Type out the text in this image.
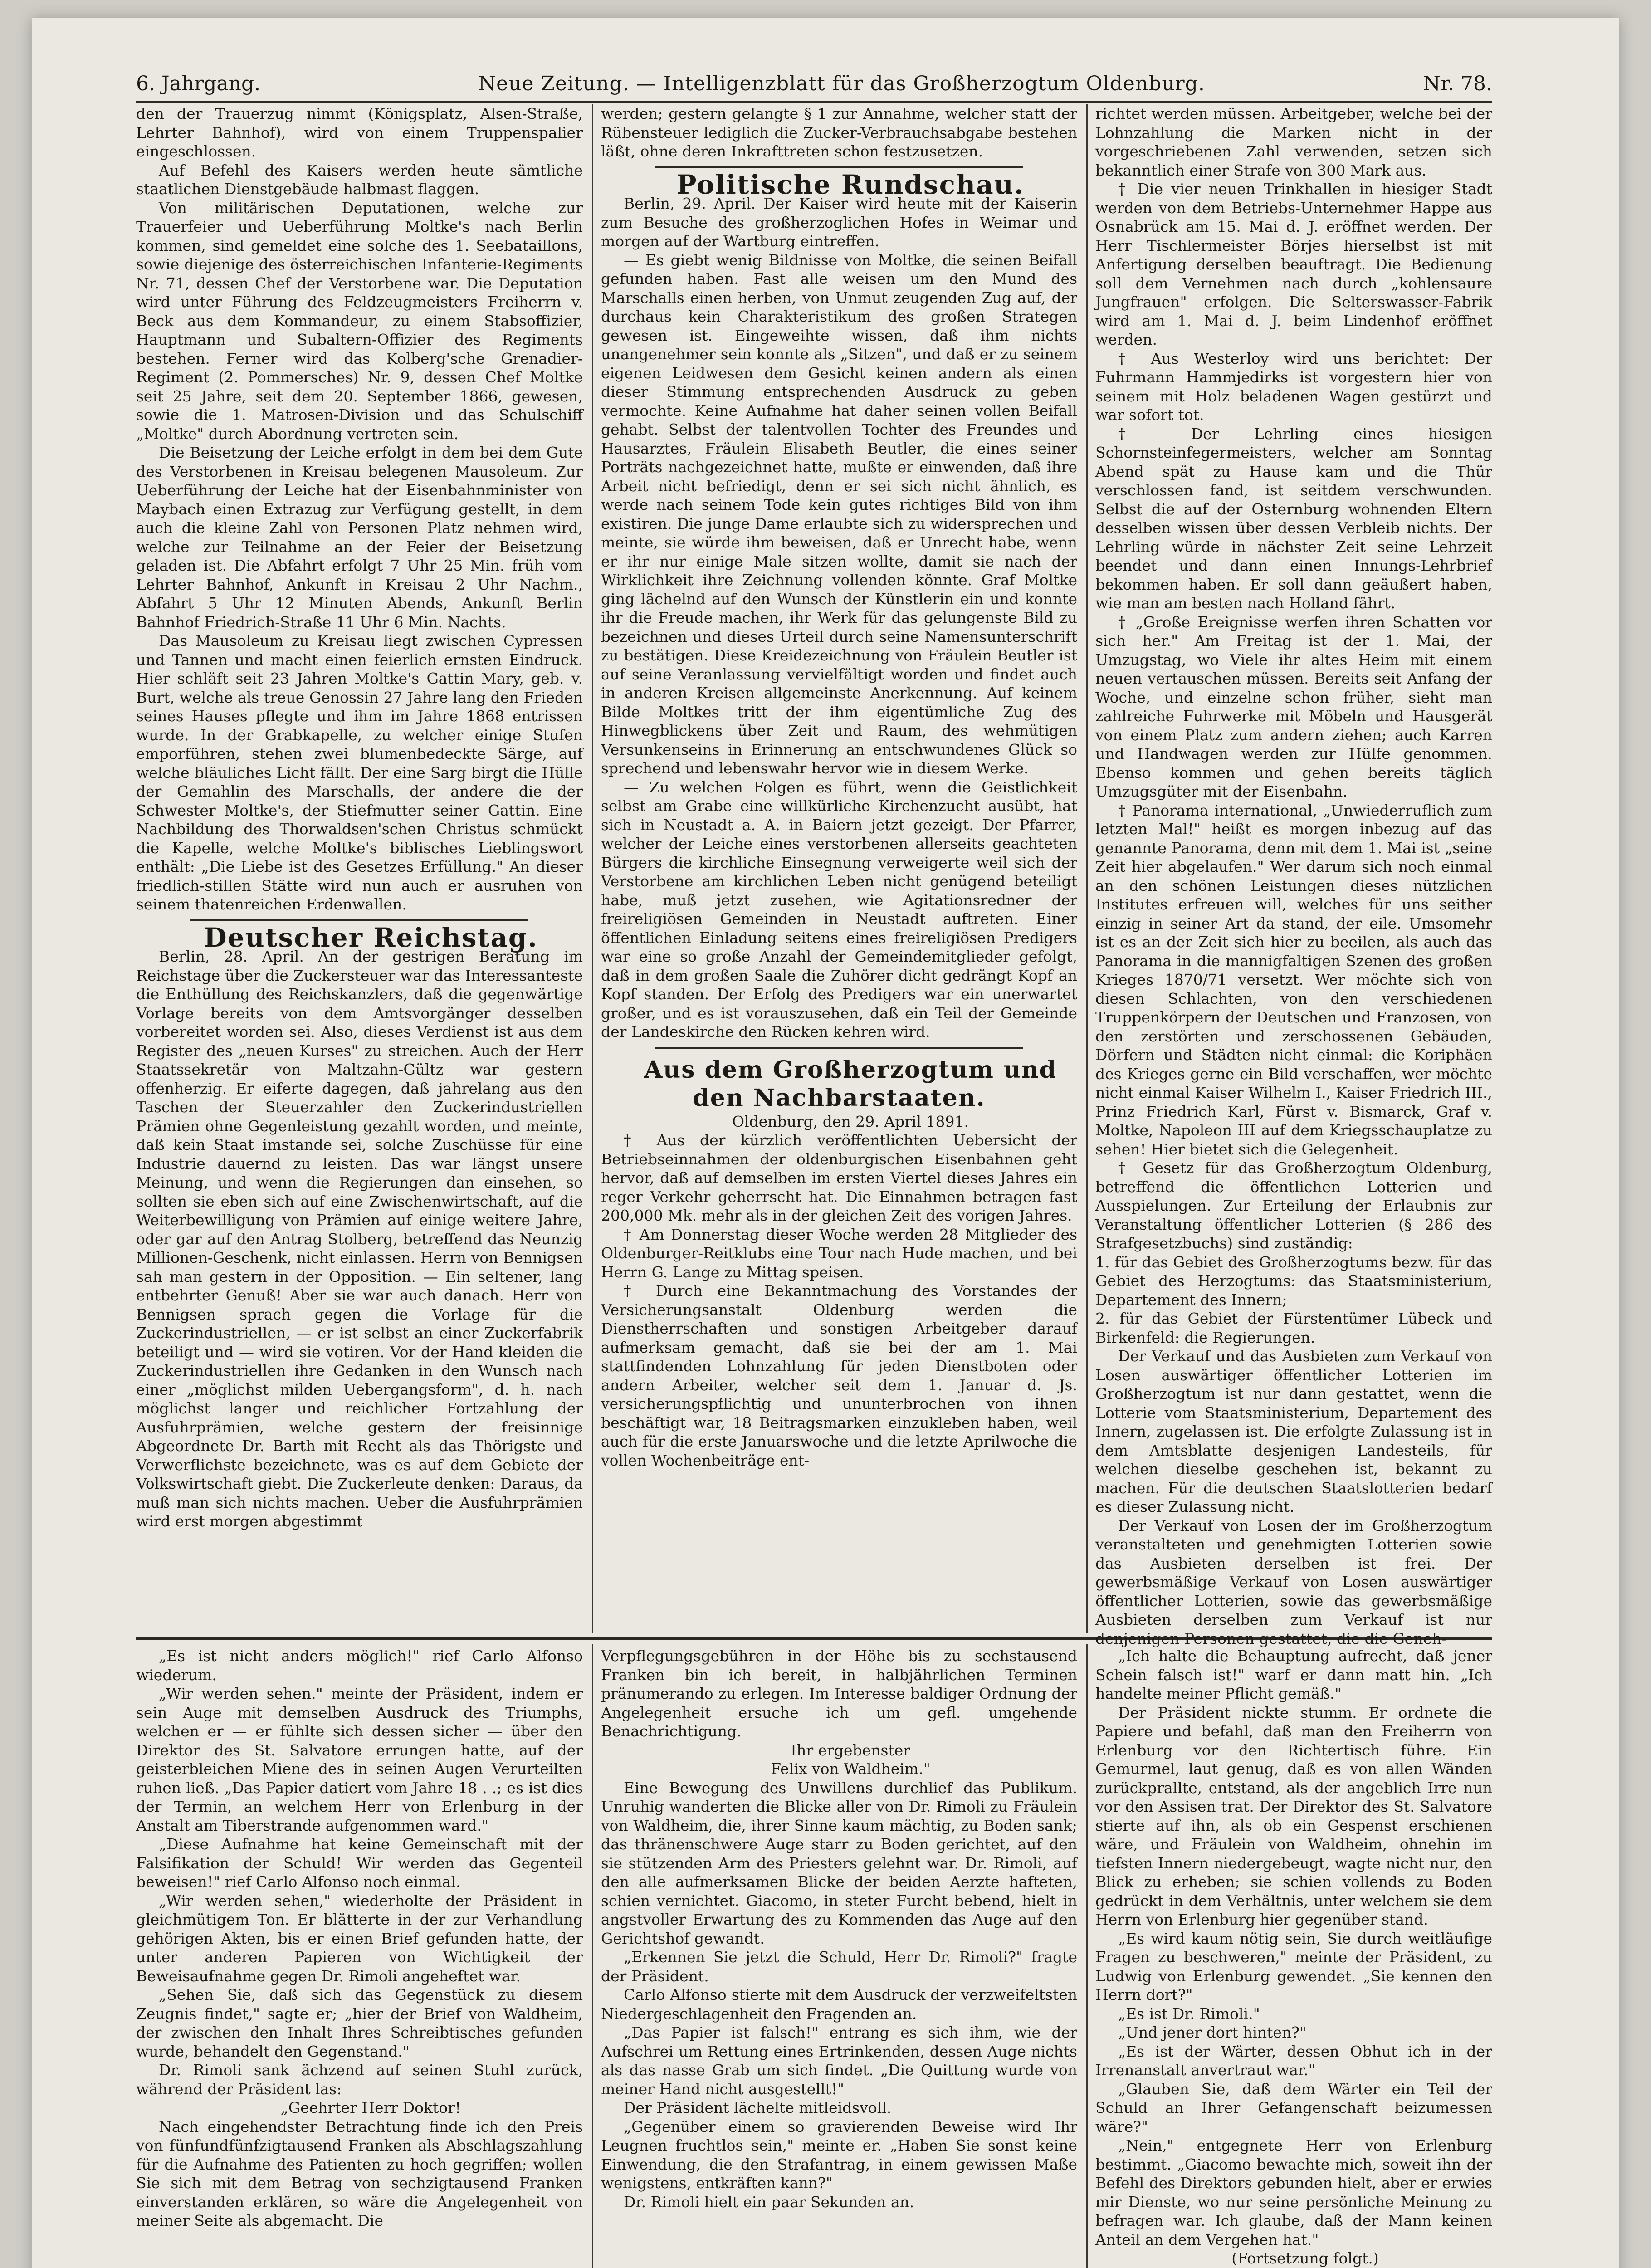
6. Jahrgang.	Neue Zeitung. — Intelligenzblatt für das Großherzogtum Oldenburg.	Nr. 78.

den der Trauerzug nimmt (Königsplatz, Alsen-Straße, Lehrter Bahnhof), wird von einem Truppenspalier eingeschlossen.

Auf Befehl des Kaisers werden heute sämtliche staatlichen Dienstgebäude halbmast flaggen.

Von militärischen Deputationen, welche zur Trauerfeier und Ueberführung Moltke's nach Berlin kommen, sind gemeldet eine solche des 1. Seebataillons, sowie diejenige des österreichischen Infanterie-Regiments Nr. 71, dessen Chef der Verstorbene war. Die Deputation wird unter Führung des Feldzeugmeisters Freiherrn v. Beck aus dem Kommandeur, zu einem Stabsoffizier, Hauptmann und Subaltern-Offizier des Regiments bestehen. Ferner wird das Kolberg'sche Grenadier-Regiment (2. Pommersches) Nr. 9, dessen Chef Moltke seit 25 Jahre, seit dem 20. September 1866, gewesen, sowie die 1. Matrosen-Division und das Schulschiff „Moltke" durch Abordnung vertreten sein.

Die Beisetzung der Leiche erfolgt in dem bei dem Gute des Verstorbenen in Kreisau belegenen Mausoleum. Zur Ueberführung der Leiche hat der Eisenbahnminister von Maybach einen Extrazug zur Verfügung gestellt, in dem auch die kleine Zahl von Personen Platz nehmen wird, welche zur Teilnahme an der Feier der Beisetzung geladen ist. Die Abfahrt erfolgt 7 Uhr 25 Min. früh vom Lehrter Bahnhof, Ankunft in Kreisau 2 Uhr Nachm., Abfahrt 5 Uhr 12 Minuten Abends, Ankunft Berlin Bahnhof Friedrich-Straße 11 Uhr 6 Min. Nachts.

Das Mausoleum zu Kreisau liegt zwischen Cypressen und Tannen und macht einen feierlich ernsten Eindruck. Hier schläft seit 23 Jahren Moltke's Gattin Mary, geb. v. Burt, welche als treue Genossin 27 Jahre lang den Frieden seines Hauses pflegte und ihm im Jahre 1868 entrissen wurde. In der Grabkapelle, zu welcher einige Stufen emporführen, stehen zwei blumenbedeckte Särge, auf welche bläuliches Licht fällt. Der eine Sarg birgt die Hülle der Gemahlin des Marschalls, der andere die der Schwester Moltke's, der Stiefmutter seiner Gattin. Eine Nachbildung des Thorwaldsen'schen Christus schmückt die Kapelle, welche Moltke's biblisches Lieblingswort enthält: „Die Liebe ist des Gesetzes Erfüllung." An dieser friedlich-stillen Stätte wird nun auch er ausruhen von seinem thatenreichen Erdenwallen.

Deutscher Reichstag.

Berlin, 28. April. An der gestrigen Beratung im Reichstage über die Zuckersteuer war das Interessanteste die Enthüllung des Reichskanzlers, daß die gegenwärtige Vorlage bereits von dem Amtsvorgänger desselben vorbereitet worden sei. Also, dieses Verdienst ist aus dem Register des „neuen Kurses" zu streichen. Auch der Herr Staatssekretär von Maltzahn-Gültz war gestern offenherzig. Er eiferte dagegen, daß jahrelang aus den Taschen der Steuerzahler den Zuckerindustriellen Prämien ohne Gegenleistung gezahlt worden, und meinte, daß kein Staat imstande sei, solche Zuschüsse für eine Industrie dauernd zu leisten. Das war längst unsere Meinung, und wenn die Regierungen dan einsehen, so sollten sie eben sich auf eine Zwischenwirtschaft, auf die Weiterbewilligung von Prämien auf einige weitere Jahre, oder gar auf den Antrag Stolberg, betreffend das Neunzig Millionen-Geschenk, nicht einlassen. Herrn von Bennigsen sah man gestern in der Opposition. — Ein seltener, lang entbehrter Genuß! Aber sie war auch danach. Herr von Bennigsen sprach gegen die Vorlage für die Zuckerindustriellen, — er ist selbst an einer Zuckerfabrik beteiligt und — wird sie votiren. Vor der Hand kleiden die Zuckerindustriellen ihre Gedanken in den Wunsch nach einer „möglichst milden Uebergangsform", d. h. nach möglichst langer und reichlicher Fortzahlung der Ausfuhrprämien, welche gestern der freisinnige Abgeordnete Dr. Barth mit Recht als das Thörigste und Verwerflichste bezeichnete, was es auf dem Gebiete der Volkswirtschaft giebt. Die Zuckerleute denken: Daraus, da muß man sich nichts machen. Ueber die Ausfuhrprämien wird erst morgen abgestimmt

werden; gestern gelangte § 1 zur Annahme, welcher statt der Rübensteuer lediglich die Zucker-Verbrauchsabgabe bestehen läßt, ohne deren Inkrafttreten schon festzusetzen.

Politische Rundschau.

Berlin, 29. April. Der Kaiser wird heute mit der Kaiserin zum Besuche des großherzoglichen Hofes in Weimar und morgen auf der Wartburg eintreffen.

— Es giebt wenig Bildnisse von Moltke, die seinen Beifall gefunden haben. Fast alle weisen um den Mund des Marschalls einen herben, von Unmut zeugenden Zug auf, der durchaus kein Charakteristikum des großen Strategen gewesen ist. Eingeweihte wissen, daß ihm nichts unangenehmer sein konnte als „Sitzen", und daß er zu seinem eigenen Leidwesen dem Gesicht keinen andern als einen dieser Stimmung entsprechenden Ausdruck zu geben vermochte. Keine Aufnahme hat daher seinen vollen Beifall gehabt. Selbst der talentvollen Tochter des Freundes und Hausarztes, Fräulein Elisabeth Beutler, die eines seiner Porträts nachgezeichnet hatte, mußte er einwenden, daß ihre Arbeit nicht befriedigt, denn er sei sich nicht ähnlich, es werde nach seinem Tode kein gutes richtiges Bild von ihm existiren. Die junge Dame erlaubte sich zu widersprechen und meinte, sie würde ihm beweisen, daß er Unrecht habe, wenn er ihr nur einige Male sitzen wollte, damit sie nach der Wirklichkeit ihre Zeichnung vollenden könnte. Graf Moltke ging lächelnd auf den Wunsch der Künstlerin ein und konnte ihr die Freude machen, ihr Werk für das gelungenste Bild zu bezeichnen und dieses Urteil durch seine Namensunterschrift zu bestätigen. Diese Kreidezeichnung von Fräulein Beutler ist auf seine Veranlassung vervielfältigt worden und findet auch in anderen Kreisen allgemeinste Anerkennung. Auf keinem Bilde Moltkes tritt der ihm eigentümliche Zug des Hinwegblickens über Zeit und Raum, des wehmütigen Versunkenseins in Erinnerung an entschwundenes Glück so sprechend und lebenswahr hervor wie in diesem Werke.

— Zu welchen Folgen es führt, wenn die Geistlichkeit selbst am Grabe eine willkürliche Kirchenzucht ausübt, hat sich in Neustadt a. A. in Baiern jetzt gezeigt. Der Pfarrer, welcher der Leiche eines verstorbenen allerseits geachteten Bürgers die kirchliche Einsegnung verweigerte weil sich der Verstorbene am kirchlichen Leben nicht genügend beteiligt habe, muß jetzt zusehen, wie Agitationsredner der freireligiösen Gemeinden in Neustadt auftreten. Einer öffentlichen Einladung seitens eines freireligiösen Predigers war eine so große Anzahl der Gemeindemitglieder gefolgt, daß in dem großen Saale die Zuhörer dicht gedrängt Kopf an Kopf standen. Der Erfolg des Predigers war ein unerwartet großer, und es ist vorauszusehen, daß ein Teil der Gemeinde der Landeskirche den Rücken kehren wird.

Aus dem Großherzogtum und den Nachbarstaaten.

Oldenburg, den 29. April 1891.

† Aus der kürzlich veröffentlichten Uebersicht der Betriebseinnahmen der oldenburgischen Eisenbahnen geht hervor, daß auf demselben im ersten Viertel dieses Jahres ein reger Verkehr geherrscht hat. Die Einnahmen betragen fast 200,000 Mk. mehr als in der gleichen Zeit des vorigen Jahres.

† Am Donnerstag dieser Woche werden 28 Mitglieder des Oldenburger-Reitklubs eine Tour nach Hude machen, und bei Herrn G. Lange zu Mittag speisen.

† Durch eine Bekanntmachung des Vorstandes der Versicherungsanstalt Oldenburg werden die Dienstherrschaften und sonstigen Arbeitgeber darauf aufmerksam gemacht, daß sie bei der am 1. Mai stattfindenden Lohnzahlung für jeden Dienstboten oder andern Arbeiter, welcher seit dem 1. Januar d. Js. versicherungspflichtig und ununterbrochen von ihnen beschäftigt war, 18 Beitragsmarken einzukleben haben, weil auch für die erste Januarswoche und die letzte Aprilwoche die vollen Wochenbeiträge ent-

richtet werden müssen. Arbeitgeber, welche bei der Lohnzahlung die Marken nicht in der vorgeschriebenen Zahl verwenden, setzen sich bekanntlich einer Strafe von 300 Mark aus.

† Die vier neuen Trinkhallen in hiesiger Stadt werden von dem Betriebs-Unternehmer Happe aus Osnabrück am 15. Mai d. J. eröffnet werden. Der Herr Tischlermeister Börjes hierselbst ist mit Anfertigung derselben beauftragt. Die Bedienung soll dem Vernehmen nach durch „kohlensaure Jungfrauen" erfolgen. Die Selterswasser-Fabrik wird am 1. Mai d. J. beim Lindenhof eröffnet werden.

† Aus Westerloy wird uns berichtet: Der Fuhrmann Hammjedirks ist vorgestern hier von seinem mit Holz beladenen Wagen gestürzt und war sofort tot.

† Der Lehrling eines hiesigen Schornsteinfegermeisters, welcher am Sonntag Abend spät zu Hause kam und die Thür verschlossen fand, ist seitdem verschwunden. Selbst die auf der Osternburg wohnenden Eltern desselben wissen über dessen Verbleib nichts. Der Lehrling würde in nächster Zeit seine Lehrzeit beendet und dann einen Innungs-Lehrbrief bekommen haben. Er soll dann geäußert haben, wie man am besten nach Holland fährt.

† „Große Ereignisse werfen ihren Schatten vor sich her." Am Freitag ist der 1. Mai, der Umzugstag, wo Viele ihr altes Heim mit einem neuen vertauschen müssen. Bereits seit Anfang der Woche, und einzelne schon früher, sieht man zahlreiche Fuhrwerke mit Möbeln und Hausgerät von einem Platz zum andern ziehen; auch Karren und Handwagen werden zur Hülfe genommen. Ebenso kommen und gehen bereits täglich Umzugsgüter mit der Eisenbahn.

† Panorama international, „Unwiederruflich zum letzten Mal!" heißt es morgen inbezug auf das genannte Panorama, denn mit dem 1. Mai ist „seine Zeit hier abgelaufen." Wer darum sich noch einmal an den schönen Leistungen dieses nützlichen Institutes erfreuen will, welches für uns seither einzig in seiner Art da stand, der eile. Umsomehr ist es an der Zeit sich hier zu beeilen, als auch das Panorama in die mannigfaltigen Szenen des großen Krieges 1870/71 versetzt. Wer möchte sich von diesen Schlachten, von den verschiedenen Truppenkörpern der Deutschen und Franzosen, von den zerstörten und zerschossenen Gebäuden, Dörfern und Städten nicht einmal: die Koriphäen des Krieges gerne ein Bild verschaffen, wer möchte nicht einmal Kaiser Wilhelm I., Kaiser Friedrich III., Prinz Friedrich Karl, Fürst v. Bismarck, Graf v. Moltke, Napoleon III auf dem Kriegsschauplatze zu sehen! Hier bietet sich die Gelegenheit.

† Gesetz für das Großherzogtum Oldenburg, betreffend die öffentlichen Lotterien und Ausspielungen. Zur Erteilung der Erlaubnis zur Veranstaltung öffentlicher Lotterien (§ 286 des Strafgesetzbuchs) sind zuständig:

1. für das Gebiet des Großherzogtums bezw. für das Gebiet des Herzogtums: das Staatsministerium, Departement des Innern;

2. für das Gebiet der Fürstentümer Lübeck und Birkenfeld: die Regierungen.

Der Verkauf und das Ausbieten zum Verkauf von Losen auswärtiger öffentlicher Lotterien im Großherzogtum ist nur dann gestattet, wenn die Lotterie vom Staatsministerium, Departement des Innern, zugelassen ist. Die erfolgte Zulassung ist in dem Amtsblatte desjenigen Landesteils, für welchen dieselbe geschehen ist, bekannt zu machen. Für die deutschen Staatslotterien bedarf es dieser Zulassung nicht.

Der Verkauf von Losen der im Großherzogtum veranstalteten und genehmigten Lotterien sowie das Ausbieten derselben ist frei. Der gewerbsmäßige Verkauf von Losen auswärtiger öffentlicher Lotterien, sowie das gewerbsmäßige Ausbieten derselben zum Verkauf ist nur denjenigen Personen gestattet, die die Geneh-

„Es ist nicht anders möglich!" rief Carlo Alfonso wiederum.

„Wir werden sehen." meinte der Präsident, indem er sein Auge mit demselben Ausdruck des Triumphs, welchen er — er fühlte sich dessen sicher — über den Direktor des St. Salvatore errungen hatte, auf der geisterbleichen Miene des in seinen Augen Verurteilten ruhen ließ. „Das Papier datiert vom Jahre 18 . .; es ist dies der Termin, an welchem Herr von Erlenburg in der Anstalt am Tiberstrande aufgenommen ward."

„Diese Aufnahme hat keine Gemeinschaft mit der Falsifikation der Schuld! Wir werden das Gegenteil beweisen!" rief Carlo Alfonso noch einmal.

„Wir werden sehen," wiederholte der Präsident in gleichmütigem Ton. Er blätterte in der zur Verhandlung gehörigen Akten, bis er einen Brief gefunden hatte, der unter anderen Papieren von Wichtigkeit der Beweisaufnahme gegen Dr. Rimoli angeheftet war.

„Sehen Sie, daß sich das Gegenstück zu diesem Zeugnis findet," sagte er; „hier der Brief von Waldheim, der zwischen den Inhalt Ihres Schreibtisches gefunden wurde, behandelt den Gegenstand."

Dr. Rimoli sank ächzend auf seinen Stuhl zurück, während der Präsident las:

„Geehrter Herr Doktor!

Nach eingehendster Betrachtung finde ich den Preis von fünfundfünfzigtausend Franken als Abschlagszahlung für die Aufnahme des Patienten zu hoch gegriffen; wollen Sie sich mit dem Betrag von sechzigtausend Franken einverstanden erklären, so wäre die Angelegenheit von meiner Seite als abgemacht. Die

Verpflegungsgebühren in der Höhe bis zu sechstausend Franken bin ich bereit, in halbjährlichen Terminen pränumerando zu erlegen. Im Interesse baldiger Ordnung der Angelegenheit ersuche ich um gefl. umgehende Benachrichtigung.

Ihr ergebenster

Felix von Waldheim."

Eine Bewegung des Unwillens durchlief das Publikum. Unruhig wanderten die Blicke aller von Dr. Rimoli zu Fräulein von Waldheim, die, ihrer Sinne kaum mächtig, zu Boden sank; das thränenschwere Auge starr zu Boden gerichtet, auf den sie stützenden Arm des Priesters gelehnt war. Dr. Rimoli, auf den alle aufmerksamen Blicke der beiden Aerzte hafteten, schien vernichtet. Giacomo, in steter Furcht bebend, hielt in angstvoller Erwartung des zu Kommenden das Auge auf den Gerichtshof gewandt.

„Erkennen Sie jetzt die Schuld, Herr Dr. Rimoli?" fragte der Präsident.

Carlo Alfonso stierte mit dem Ausdruck der verzweifeltsten Niedergeschlagenheit den Fragenden an.

„Das Papier ist falsch!" entrang es sich ihm, wie der Aufschrei um Rettung eines Ertrinkenden, dessen Auge nichts als das nasse Grab um sich findet. „Die Quittung wurde von meiner Hand nicht ausgestellt!"

Der Präsident lächelte mitleidsvoll.

„Gegenüber einem so gravierenden Beweise wird Ihr Leugnen fruchtlos sein," meinte er. „Haben Sie sonst keine Einwendung, die den Strafantrag, in einem gewissen Maße wenigstens, entkräften kann?"

Dr. Rimoli hielt ein paar Sekunden an.

„Ich halte die Behauptung aufrecht, daß jener Schein falsch ist!" warf er dann matt hin. „Ich handelte meiner Pflicht gemäß."

Der Präsident nickte stumm. Er ordnete die Papiere und befahl, daß man den Freiherrn von Erlenburg vor den Richtertisch führe. Ein Gemurmel, laut genug, daß es von allen Wänden zurückprallte, entstand, als der angeblich Irre nun vor den Assisen trat. Der Direktor des St. Salvatore stierte auf ihn, als ob ein Gespenst erschienen wäre, und Fräulein von Waldheim, ohnehin im tiefsten Innern niedergebeugt, wagte nicht nur, den Blick zu erheben; sie schien vollends zu Boden gedrückt in dem Verhältnis, unter welchem sie dem Herrn von Erlenburg hier gegenüber stand.

„Es wird kaum nötig sein, Sie durch weitläufige Fragen zu beschweren," meinte der Präsident, zu Ludwig von Erlenburg gewendet. „Sie kennen den Herrn dort?"

„Es ist Dr. Rimoli."

„Und jener dort hinten?"

„Es ist der Wärter, dessen Obhut ich in der Irrenanstalt anvertraut war."

„Glauben Sie, daß dem Wärter ein Teil der Schuld an Ihrer Gefangenschaft beizumessen wäre?"

„Nein," entgegnete Herr von Erlenburg bestimmt. „Giacomo bewachte mich, soweit ihn der Befehl des Direktors gebunden hielt, aber er erwies mir Dienste, wo nur seine persönliche Meinung zu befragen war. Ich glaube, daß der Mann keinen Anteil an dem Vergehen hat."

(Fortsetzung folgt.)
